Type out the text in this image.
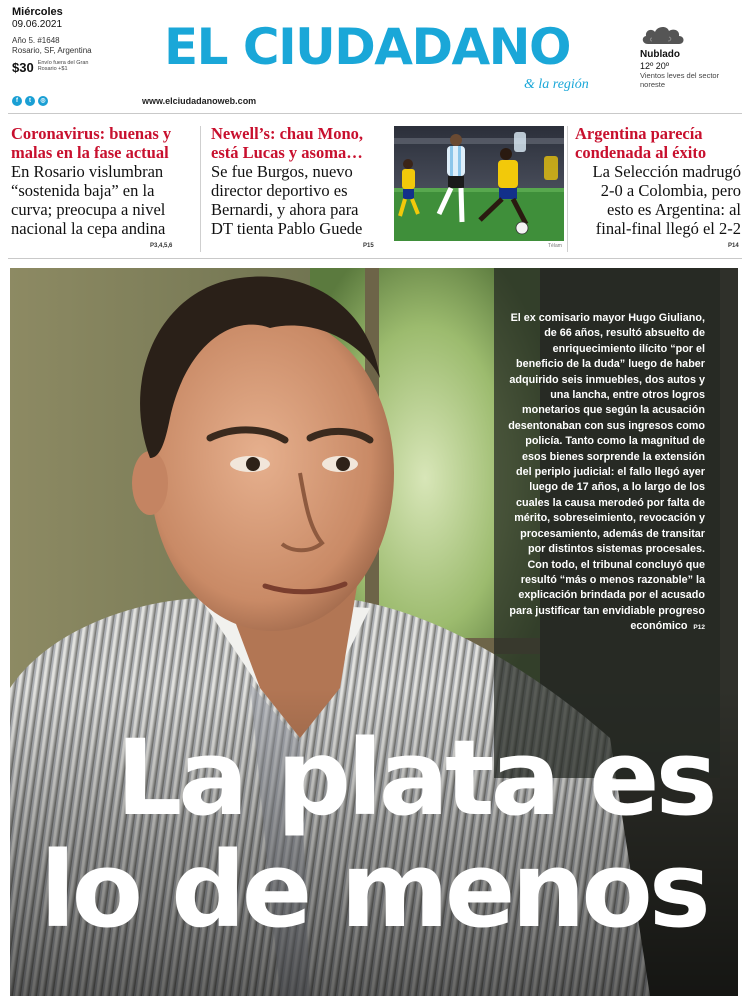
Miércoles
09.06.2021
Año 5. #1648
Rosario, SF, Argentina
$30 Envío fuera del Gran Rosario +$1
f	t	◎
EL CIUDADANO
& la región
www.elciudadanoweb.com
Nublado
12º 20º
Vientos leves del sector noreste
Coronavirus: buenas y malas en la fase actual
En Rosario vislumbran “sostenida baja” en la curva; preocupa a nivel nacional la cepa andina
P3,4,5,6
Newell’s: chau Mono, está Lucas y asoma…
Se fue Burgos, nuevo director deportivo es Bernardi, y ahora para DT tienta Pablo Guede
P15	Télam
Argentina parecía condenada al éxito
La Selección madrugó 2-0 a Colombia, pero esto es Argentina: al final-final llegó el 2-2
P14
El ex comisario mayor Hugo Giuliano, de 66 años, resultó absuelto de enriquecimiento ilícito “por el beneficio de la duda” luego de haber adquirido seis inmuebles, dos autos y una lancha, entre otros logros monetarios que según la acusación desentonaban con sus ingresos como policía. Tanto como la magnitud de esos bienes sorprende la extensión del periplo judicial: el fallo llegó ayer luego de 17 años, a lo largo de los cuales la causa merodeó por falta de mérito, sobreseimiento, revocación y procesamiento, además de transitar por distintos sistemas procesales. Con todo, el tribunal concluyó que resultó “más o menos razonable” la explicación brindada por el acusado para justificar tan envidiable progreso económico P12
La plata es
lo de menos
